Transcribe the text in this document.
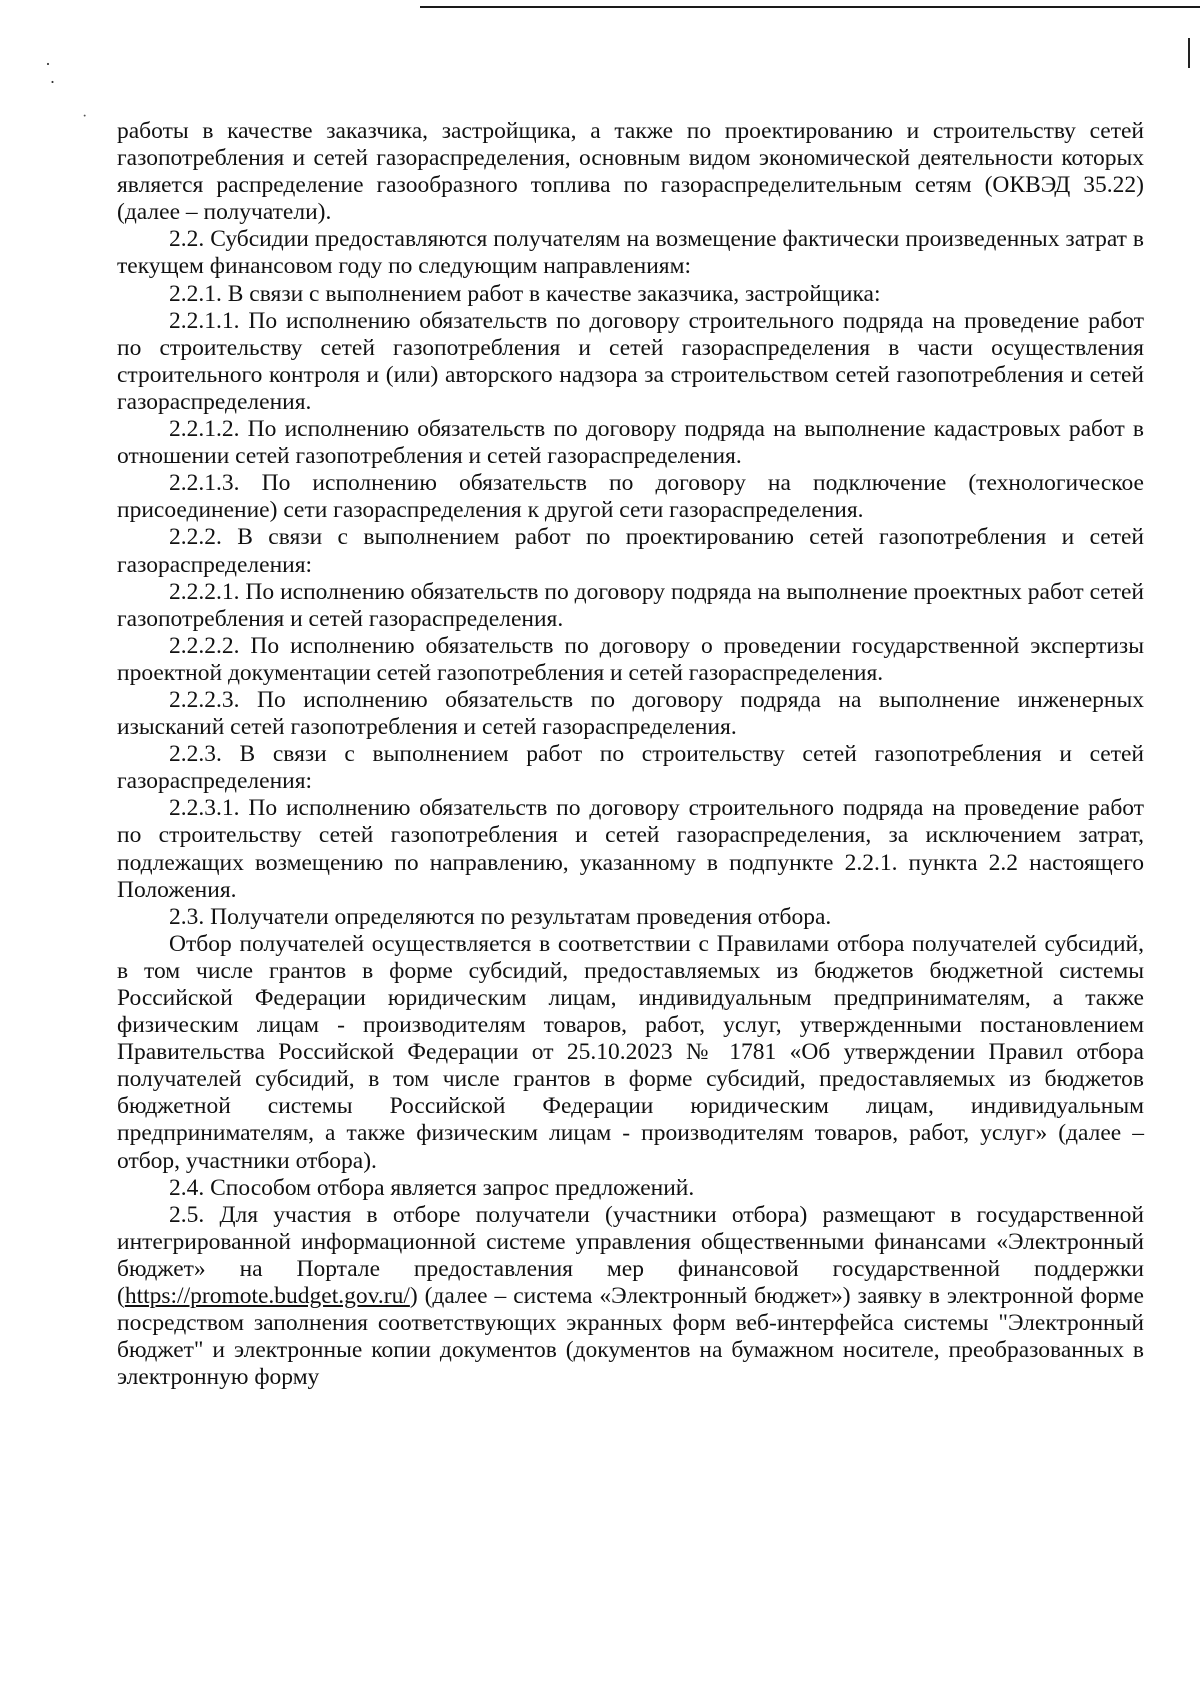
·
·
·

работы в качестве заказчика, застройщика, а также по проектированию и строительству сетей газопотребления и сетей газораспределения, основным видом экономической деятельности которых является распределение газообразного топлива по газораспределительным сетям (ОКВЭД 35.22) (далее – получатели).

2.2. Субсидии предоставляются получателям на возмещение фактически произведенных затрат в текущем финансовом году по следующим направлениям:

2.2.1. В связи с выполнением работ в качестве заказчика, застройщика:

2.2.1.1. По исполнению обязательств по договору строительного подряда на проведение работ по строительству сетей газопотребления и сетей газораспределения в части осуществления строительного контроля и (или) авторского надзора за строительством сетей газопотребления и сетей газораспределения.

2.2.1.2. По исполнению обязательств по договору подряда на выполнение кадастровых работ в отношении сетей газопотребления и сетей газораспределения.

2.2.1.3. По исполнению обязательств по договору на подключение (технологическое присоединение) сети газораспределения к другой сети газораспределения.

2.2.2. В связи с выполнением работ по проектированию сетей газопотребления и сетей газораспределения:

2.2.2.1. По исполнению обязательств по договору подряда на выполнение проектных работ сетей газопотребления и сетей газораспределения.

2.2.2.2. По исполнению обязательств по договору о проведении государственной экспертизы проектной документации сетей газопотребления и сетей газораспределения.

2.2.2.3. По исполнению обязательств по договору подряда на выполнение инженерных изысканий сетей газопотребления и сетей газораспределения.

2.2.3. В связи с выполнением работ по строительству сетей газопотребления и сетей газораспределения:

2.2.3.1. По исполнению обязательств по договору строительного подряда на проведение работ по строительству сетей газопотребления и сетей газораспределения, за исключением затрат, подлежащих возмещению по направлению, указанному в подпункте 2.2.1. пункта 2.2 настоящего Положения.

2.3. Получатели определяются по результатам проведения отбора.

Отбор получателей осуществляется в соответствии с Правилами отбора получателей субсидий, в том числе грантов в форме субсидий, предоставляемых из бюджетов бюджетной системы Российской Федерации юридическим лицам, индивидуальным предпринимателям, а также физическим лицам - производителям товаров, работ, услуг, утвержденными постановлением Правительства Российской Федерации от 25.10.2023 № 1781 «Об утверждении Правил отбора получателей субсидий, в том числе грантов в форме субсидий, предоставляемых из бюджетов бюджетной системы Российской Федерации юридическим лицам, индивидуальным предпринимателям, а также физическим лицам - производителям товаров, работ, услуг» (далее – отбор, участники отбора).

2.4. Способом отбора является запрос предложений.

2.5. Для участия в отборе получатели (участники отбора) размещают в государственной интегрированной информационной системе управления общественными финансами «Электронный бюджет» на Портале предоставления мер финансовой государственной поддержки (https://promote.budget.gov.ru/) (далее – система «Электронный бюджет») заявку в электронной форме посредством заполнения соответствующих экранных форм веб-интерфейса системы "Электронный бюджет" и электронные копии документов (документов на бумажном носителе, преобразованных в электронную форму
